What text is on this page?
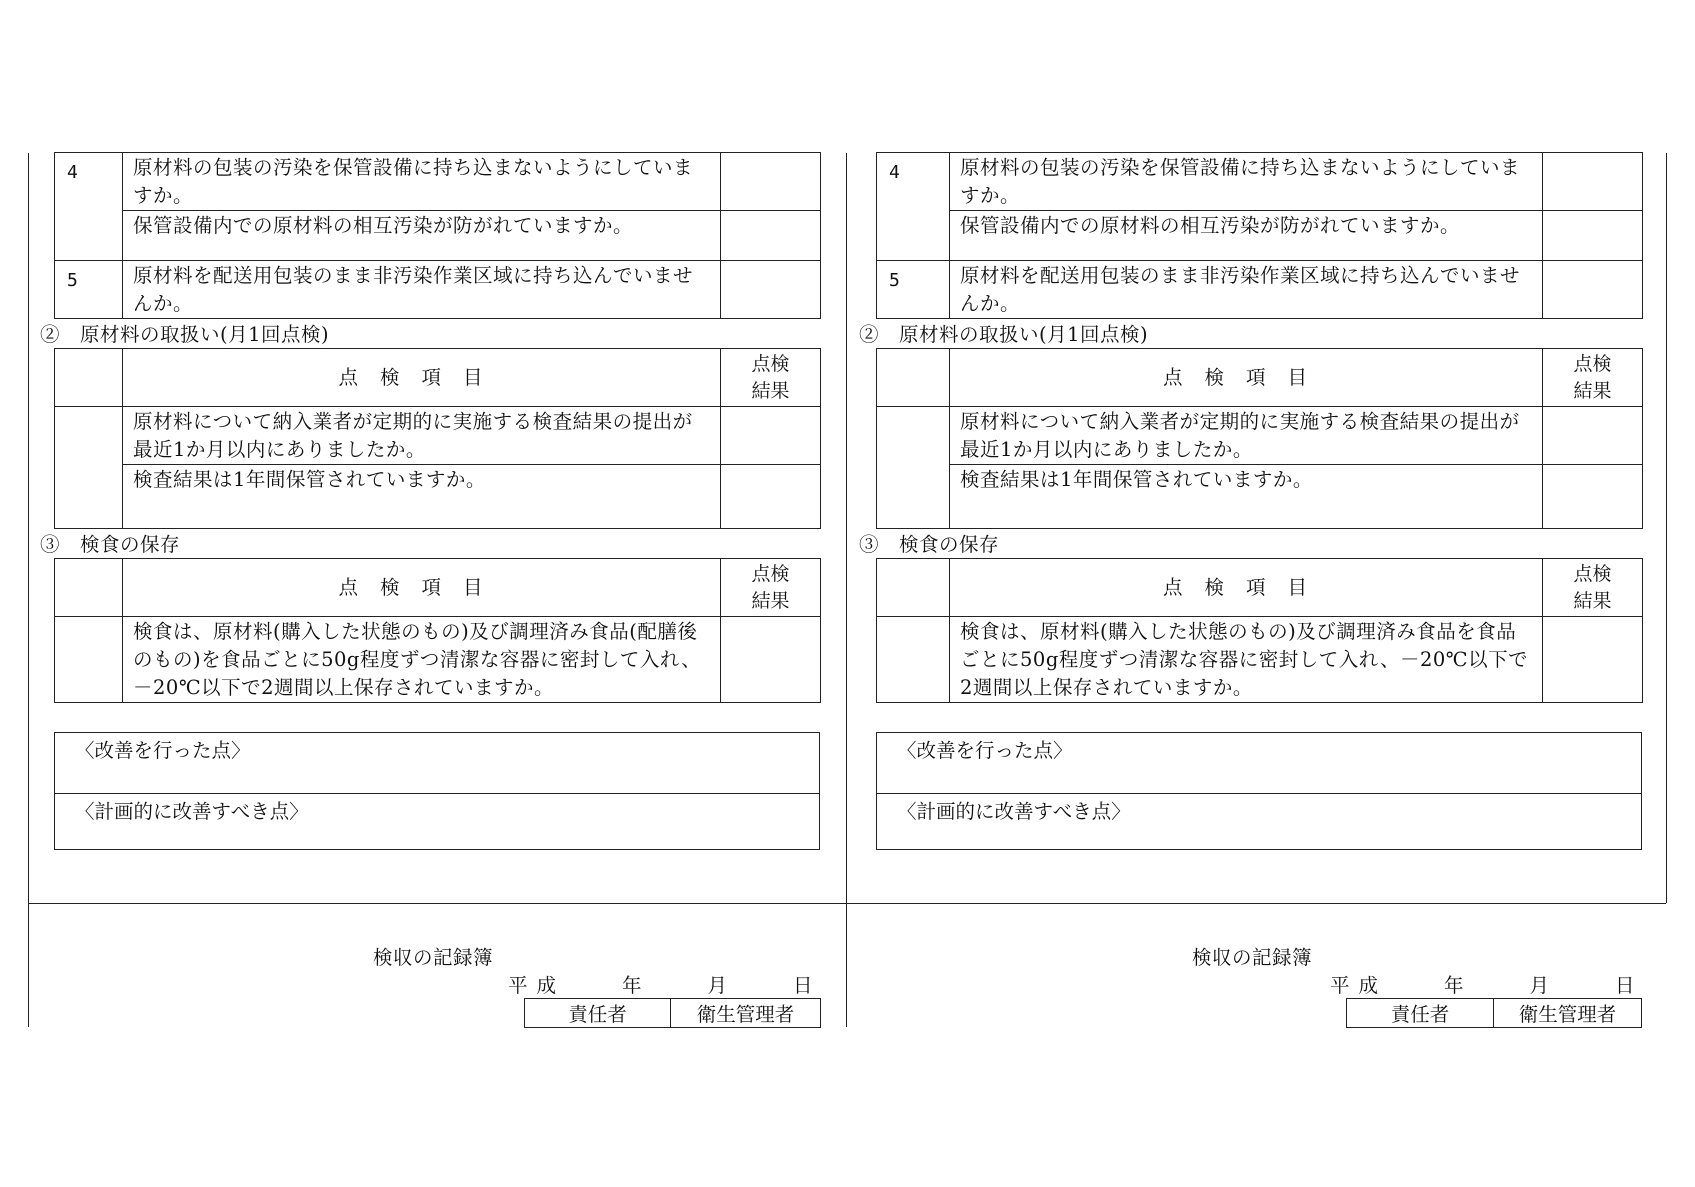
4	原材料の包装の汚染を保管設備に持ち込まないようにしていますか。	
	保管設備内での原材料の相互汚染が防がれていますか。	
5	原材料を配送用包装のまま非汚染作業区域に持ち込んでいませんか。	
②　原材料の取扱い(月1回点検)
	点検項目	点検結果

	原材料について納入業者が定期的に実施する検査結果の提出が最近1か月以内にありましたか。	
	検査結果は1年間保管されていますか。	
③　検食の保存
	点検項目	点検結果

	検食は、原材料(購入した状態のもの)及び調理済み食品(配膳後のもの)を食品ごとに50g程度ずつ清潔な容器に密封して入れ、－20℃以下で2週間以上保存されていますか。	
〈改善を行った点〉
〈計画的に改善すべき点〉
検収の記録簿
平成　　年　　月　　日
責任者	衛生管理者
4	原材料の包装の汚染を保管設備に持ち込まないようにしていますか。	
	保管設備内での原材料の相互汚染が防がれていますか。	
5	原材料を配送用包装のまま非汚染作業区域に持ち込んでいませんか。	
②　原材料の取扱い(月1回点検)
	点検項目	点検結果

	原材料について納入業者が定期的に実施する検査結果の提出が最近1か月以内にありましたか。	
	検査結果は1年間保管されていますか。	
③　検食の保存
	点検項目	点検結果

	検食は、原材料(購入した状態のもの)及び調理済み食品を食品ごとに50g程度ずつ清潔な容器に密封して入れ、－20℃以下で2週間以上保存されていますか。	
〈改善を行った点〉
〈計画的に改善すべき点〉
検収の記録簿
平成　　年　　月　　日
責任者	衛生管理者
